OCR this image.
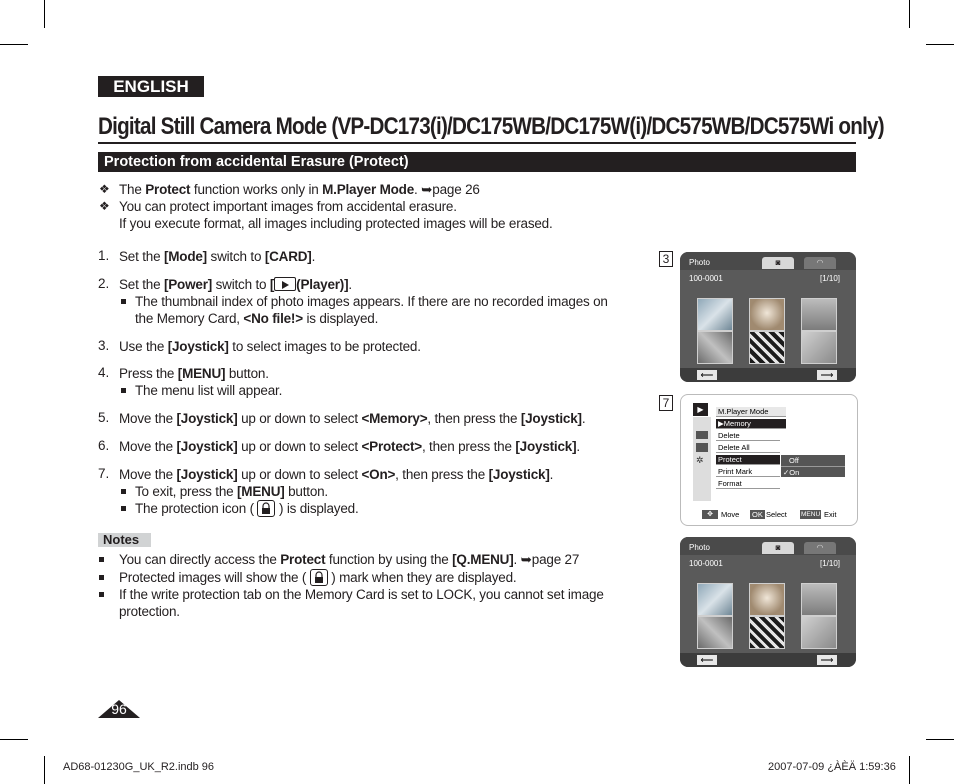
ENGLISH
Digital Still Camera Mode (VP-DC173(i)/DC175WB/DC175W(i)/DC575WB/DC575Wi only)
Protection from accidental Erasure (Protect)
❖ The Protect function works only in M.Player Mode. ➥page 26
❖ You can protect important images from accidental erasure.
If you execute format, all images including protected images will be erased.
1. Set the [Mode] switch to [CARD].
2. Set the [Power] switch to [ (Player)].
The thumbnail index of photo images appears. If there are no recorded images on
the Memory Card, <No file!> is displayed.
3. Use the [Joystick] to select images to be protected.
4. Press the [MENU] button.
The menu list will appear.
5. Move the [Joystick] up or down to select <Memory>, then press the [Joystick].
6. Move the [Joystick] up or down to select <Protect>, then press the [Joystick].
7. Move the [Joystick] up or down to select <On>, then press the [Joystick].
To exit, press the [MENU] button.
The protection icon (  ) is displayed.
Notes
You can directly access the Protect function by using the [Q.MENU]. ➥page 27
Protected images will show the (  ) mark when they are displayed.
If the write protection tab on the Memory Card is set to LOCK, you cannot set image
protection.
3	Photo	◙	◠
100-0001	[1/10]
⟵	⟶
7	▶
✲
M.Player Mode
▶Memory
Delete
Delete All
Protect
Print Mark
Format
Off
✓On
✥	Move OK Select MENU Exit
Photo	◙	◠
100-0001	[1/10]
⟵	⟶
96
AD68-01230G_UK_R2.indb 96	2007-07-09 ¿ÀÈÄ 1:59:36
